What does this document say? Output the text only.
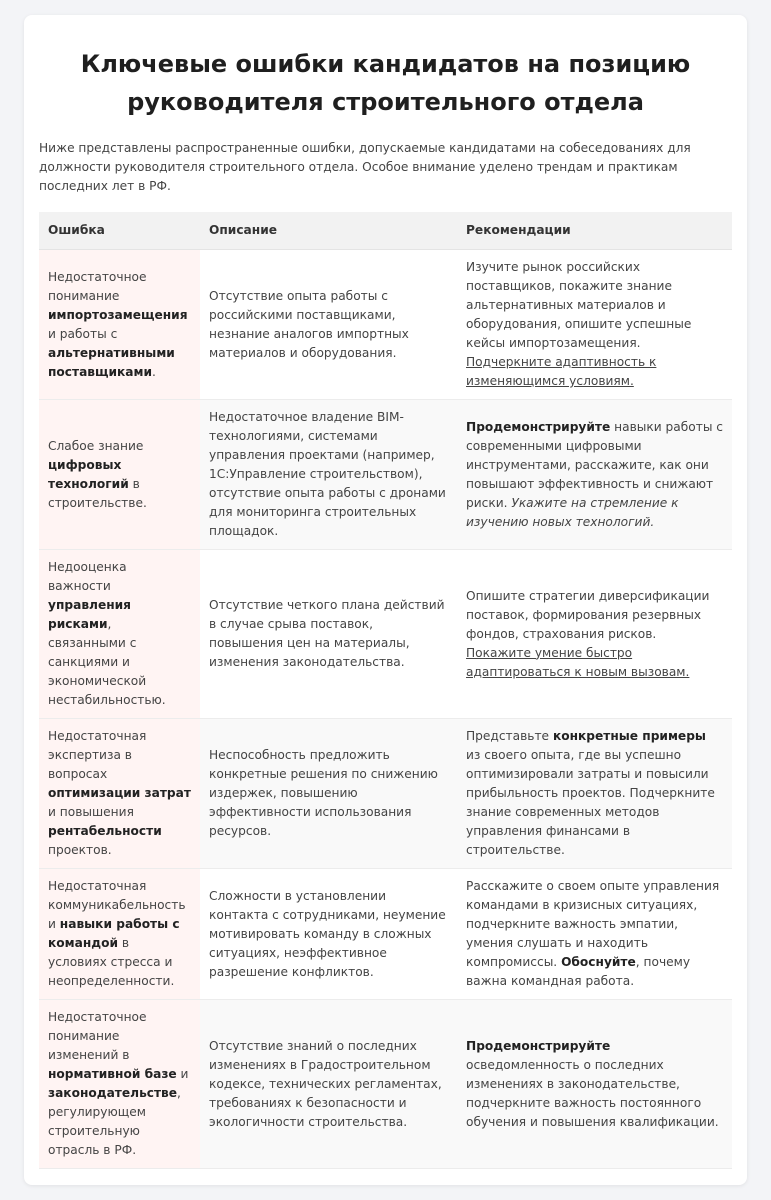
Ключевые ошибки кандидатов на позицию руководителя строительного отдела

Ниже представлены распространенные ошибки, допускаемые кандидатами на собеседованиях для должности руководителя строительного отдела. Особое внимание уделено трендам и практикам последних лет в РФ.

Ошибка	Описание	Рекомендации
Недостаточное понимание импортозамещения и работы с альтернативными поставщиками.	Отсутствие опыта работы с российскими поставщиками, незнание аналогов импортных материалов и оборудования.	Изучите рынок российских поставщиков, покажите знание альтернативных материалов и оборудования, опишите успешные кейсы импортозамещения. Подчеркните адаптивность к изменяющимся условиям.
Слабое знание цифровых технологий в строительстве.	Недостаточное владение BIM-технологиями, системами управления проектами (например, 1С:Управление строительством), отсутствие опыта работы с дронами для мониторинга строительных площадок.	Продемонстрируйте навыки работы с современными цифровыми инструментами, расскажите, как они повышают эффективность и снижают риски. Укажите на стремление к изучению новых технологий.
Недооценка важности управления рисками, связанными с санкциями и экономической нестабильностью.	Отсутствие четкого плана действий в случае срыва поставок, повышения цен на материалы, изменения законодательства.	Опишите стратегии диверсификации поставок, формирования резервных фондов, страхования рисков. Покажите умение быстро адаптироваться к новым вызовам.
Недостаточная экспертиза в вопросах оптимизации затрат и повышения рентабельности проектов.	Неспособность предложить конкретные решения по снижению издержек, повышению эффективности использования ресурсов.	Представьте конкретные примеры из своего опыта, где вы успешно оптимизировали затраты и повысили прибыльность проектов. Подчеркните знание современных методов управления финансами в строительстве.
Недостаточная коммуникабельность и навыки работы с командой в условиях стресса и неопределенности.	Сложности в установлении контакта с сотрудниками, неумение мотивировать команду в сложных ситуациях, неэффективное разрешение конфликтов.	Расскажите о своем опыте управления командами в кризисных ситуациях, подчеркните важность эмпатии, умения слушать и находить компромиссы. Обоснуйте, почему важна командная работа.
Недостаточное понимание изменений в нормативной базе и законодательстве, регулирующем строительную отрасль в РФ.	Отсутствие знаний о последних изменениях в Градостроительном кодексе, технических регламентах, требованиях к безопасности и экологичности строительства.	Продемонстрируйте осведомленность о последних изменениях в законодательстве, подчеркните важность постоянного обучения и повышения квалификации.
